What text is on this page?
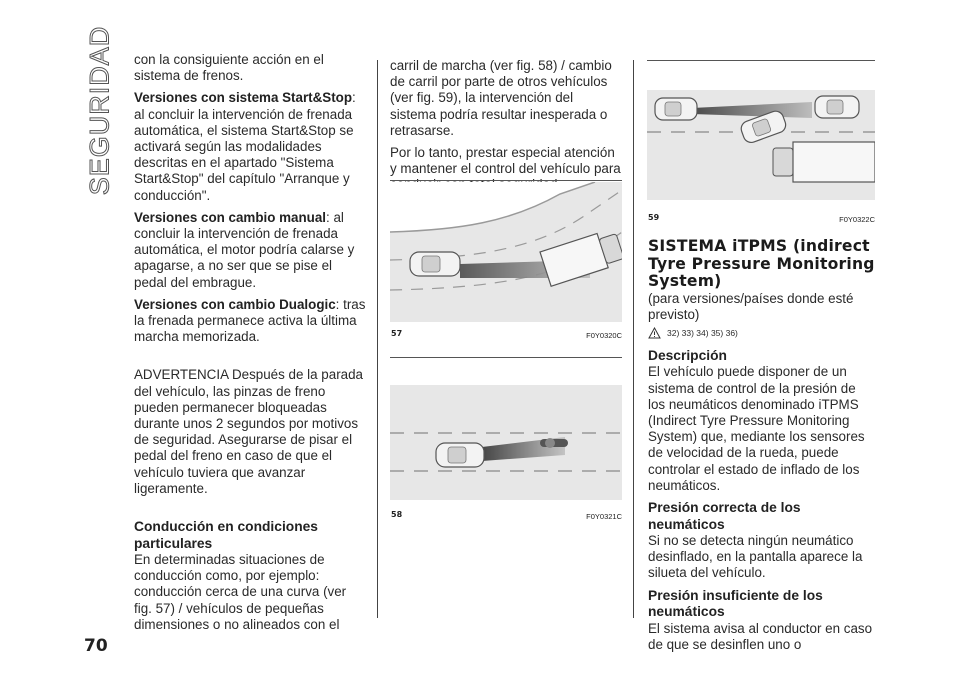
SEGURIDAD
70

con la consiguiente acción en el sistema de frenos.

Versiones con sistema Start&Stop: al concluir la intervención de frenada automática, el sistema Start&Stop se activará según las modalidades descritas en el apartado "Sistema Start&Stop" del capítulo "Arranque y conducción".

Versiones con cambio manual: al concluir la intervención de frenada automática, el motor podría calarse y apagarse, a no ser que se pise el pedal del embrague.

Versiones con cambio Dualogic: tras la frenada permanece activa la última marcha memorizada.

ADVERTENCIA Después de la parada del vehículo, las pinzas de freno pueden permanecer bloqueadas durante unos 2 segundos por motivos de seguridad. Asegurarse de pisar el pedal del freno en caso de que el vehículo tuviera que avanzar ligeramente.

Conducción en condiciones particulares

En determinadas situaciones de conducción como, por ejemplo: conducción cerca de una curva (ver fig. 57) / vehículos de pequeñas dimensiones o no alineados con el

carril de marcha (ver fig. 58) / cambio de carril por parte de otros vehículos (ver fig. 59), la intervención del sistema podría resultar inesperada o retrasarse.

Por lo tanto, prestar especial atención y mantener el control del vehículo para

57	F0Y0320C
58	F0Y0321C
59	F0Y0322C

SISTEMA iTPMS (indirect Tyre Pressure Monitoring System)

(para versiones/países donde esté previsto)

32) 33) 34) 35) 36)

Descripción

El vehículo puede disponer de un sistema de control de la presión de los neumáticos denominado iTPMS (Indirect Tyre Pressure Monitoring System) que, mediante los sensores de velocidad de la rueda, puede controlar el estado de inflado de los neumáticos.

Presión correcta de los neumáticos

Si no se detecta ningún neumático desinflado, en la pantalla aparece la silueta del vehículo.

Presión insuficiente de los neumáticos

El sistema avisa al conductor en caso de que se desinflen uno o
